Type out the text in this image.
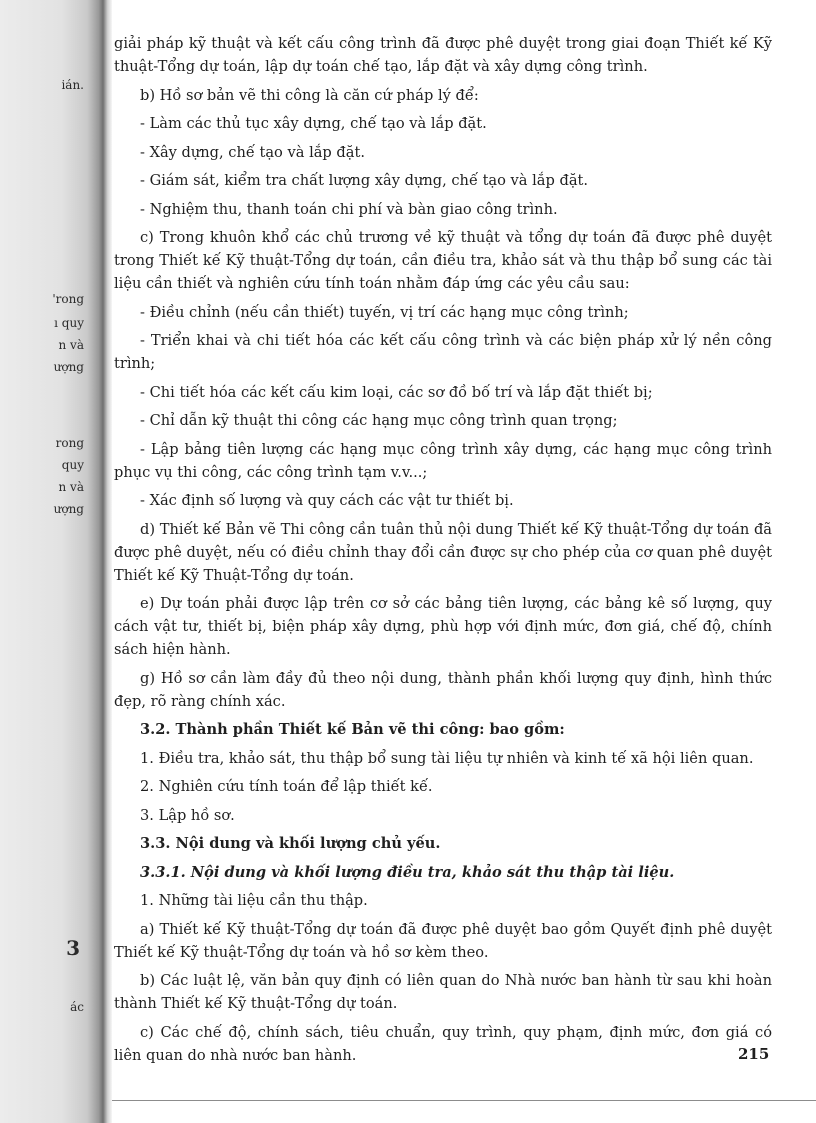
ián.
'rong
ı quy
n và
ượng
rong
quy
n và
ượng
3
ác

giải pháp kỹ thuật và kết cấu công trình đã được phê duyệt trong giai đoạn Thiết kế Kỹ thuật-Tổng dự toán, lập dự toán chế tạo, lắp đặt và xây dựng công trình.

b) Hồ sơ bản vẽ thi công là căn cứ pháp lý để:

- Làm các thủ tục xây dựng, chế tạo và lắp đặt.

- Xây dựng, chế tạo và lắp đặt.

- Giám sát, kiểm tra chất lượng xây dựng, chế tạo và lắp đặt.

- Nghiệm thu, thanh toán chi phí và bàn giao công trình.

c) Trong khuôn khổ các chủ trương về kỹ thuật và tổng dự toán đã được phê duyệt trong Thiết kế Kỹ thuật-Tổng dự toán, cần điều tra, khảo sát và thu thập bổ sung các tài liệu cần thiết và nghiên cứu tính toán nhằm đáp ứng các yêu cầu sau:

- Điều chỉnh (nếu cần thiết) tuyến, vị trí các hạng mục công trình;

- Triển khai và chi tiết hóa các kết cấu công trình và các biện pháp xử lý nền công trình;

- Chi tiết hóa các kết cấu kim loại, các sơ đồ bố trí và lắp đặt thiết bị;

- Chỉ dẫn kỹ thuật thi công các hạng mục công trình quan trọng;

- Lập bảng tiên lượng các hạng mục công trình xây dựng, các hạng mục công trình phục vụ thi công, các công trình tạm v.v...;

- Xác định số lượng và quy cách các vật tư thiết bị.

d) Thiết kế Bản vẽ Thi công cần tuân thủ nội dung Thiết kế Kỹ thuật-Tổng dự toán đã được phê duyệt, nếu có điều chỉnh thay đổi cần được sự cho phép của cơ quan phê duyệt Thiết kế Kỹ Thuật-Tổng dự toán.

e) Dự toán phải được lập trên cơ sở các bảng tiên lượng, các bảng kê số lượng, quy cách vật tư, thiết bị, biện pháp xây dựng, phù hợp với định mức, đơn giá, chế độ, chính sách hiện hành.

g) Hồ sơ cần làm đầy đủ theo nội dung, thành phần khối lượng quy định, hình thức đẹp, rõ ràng chính xác.

3.2. Thành phần Thiết kế Bản vẽ thi công: bao gồm:

1. Điều tra, khảo sát, thu thập bổ sung tài liệu tự nhiên và kinh tế xã hội liên quan.

2. Nghiên cứu tính toán để lập thiết kế.

3. Lập hồ sơ.

3.3. Nội dung và khối lượng chủ yếu.

3.3.1. Nội dung và khối lượng điều tra, khảo sát thu thập tài liệu.

1. Những tài liệu cần thu thập.

a) Thiết kế Kỹ thuật-Tổng dự toán đã được phê duyệt bao gồm Quyết định phê duyệt Thiết kế Kỹ thuật-Tổng dự toán và hồ sơ kèm theo.

b) Các luật lệ, văn bản quy định có liên quan do Nhà nước ban hành từ sau khi hoàn thành Thiết kế Kỹ thuật-Tổng dự toán.

c) Các chế độ, chính sách, tiêu chuẩn, quy trình, quy phạm, định mức, đơn giá có liên quan do nhà nước ban hành.	215
